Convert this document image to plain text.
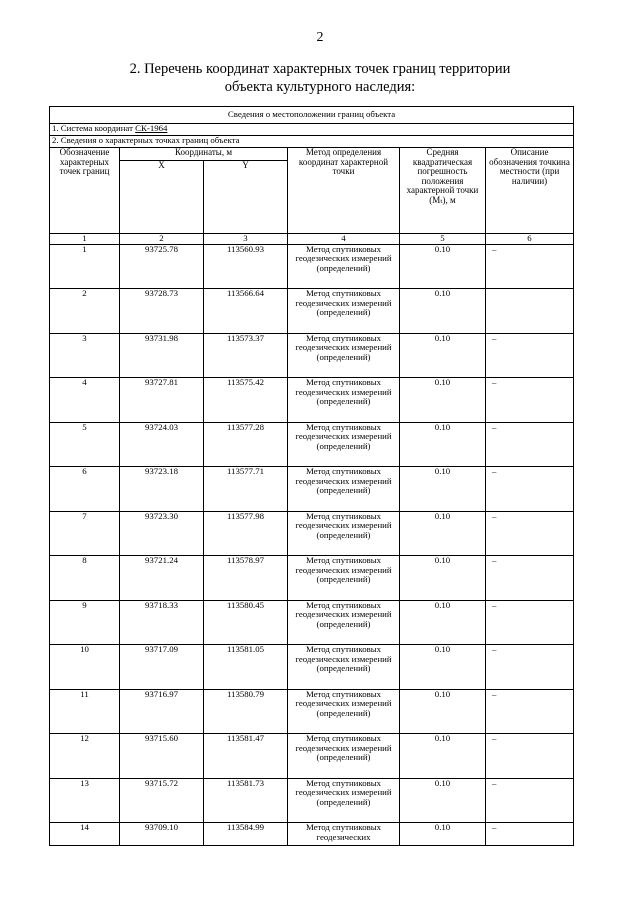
2
2. Перечень координат характерных точек границ территории
объекта культурного наследия:
Сведения о местоположении границ объекта					
1. Система координат СК-1964					
2. Сведения о характерных точках границ объекта					
Обозначение характерных точек границ	Координаты, м		Метод определения координат характерной точки	Средняя квадратическая погрешность положения характерной точки (Mₜ), м	Описание обозначения точкина местности (при наличии)
	X	Y			
1	2	3	4	5	6
1	93725.78	113560.93	Метод спутниковых геодезических измерений (определений)	0.10	–
2	93728.73	113566.64	Метод спутниковых геодезических измерений (определений)	0.10	
3	93731.98	113573.37	Метод спутниковых геодезических измерений (определений)	0.10	–
4	93727.81	113575.42	Метод спутниковых геодезических измерений (определений)	0.10	–
5	93724.03	113577.28	Метод спутниковых геодезических измерений (определений)	0.10	–
6	93723.18	113577.71	Метод спутниковых геодезических измерений (определений)	0.10	–
7	93723.30	113577.98	Метод спутниковых геодезических измерений (определений)	0.10	–
8	93721.24	113578.97	Метод спутниковых геодезических измерений (определений)	0.10	–
9	93718.33	113580.45	Метод спутниковых геодезических измерений (определений)	0.10	–
10	93717.09	113581.05	Метод спутниковых геодезических измерений (определений)	0.10	–
11	93716.97	113580.79	Метод спутниковых геодезических измерений (определений)	0.10	–
12	93715.60	113581.47	Метод спутниковых геодезических измерений (определений)	0.10	–
13	93715.72	113581.73	Метод спутниковых геодезических измерений (определений)	0.10	–
14	93709.10	113584.99	Метод спутниковых геодезических	0.10	–
